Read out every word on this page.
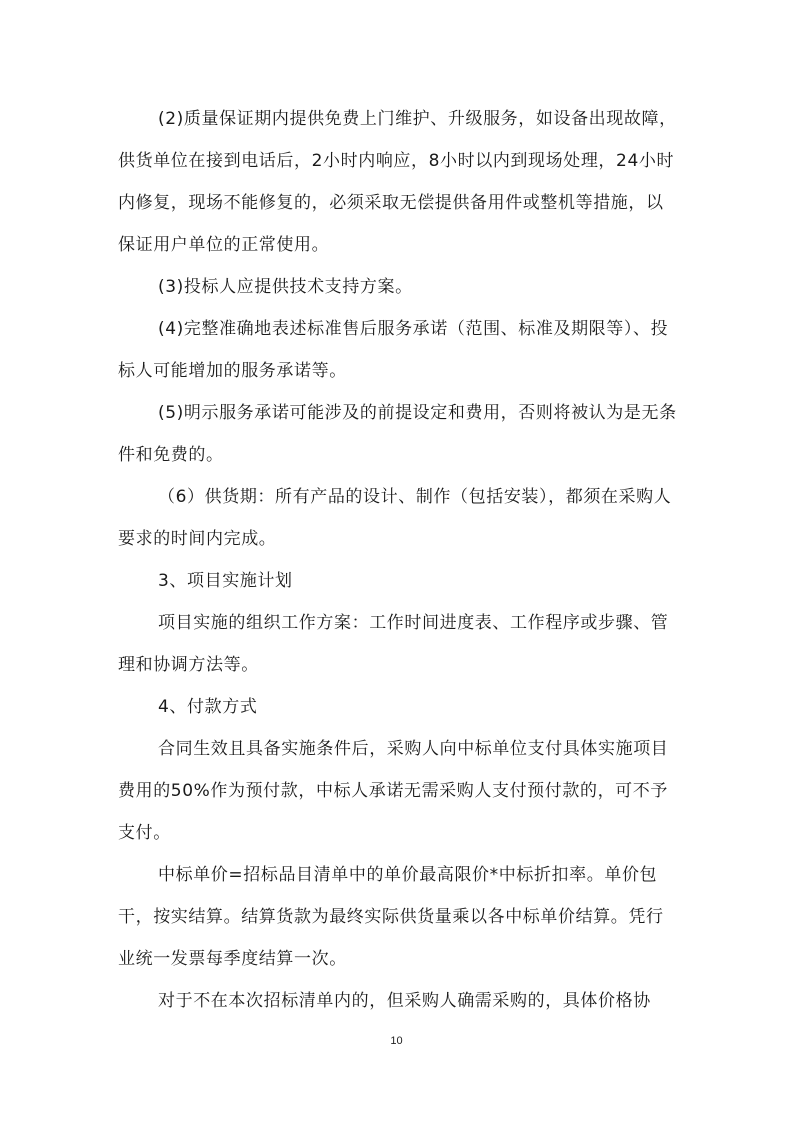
(2)质量保证期内提供免费上门维护、升级服务，如设备出现故障，供货单位在接到电话后，2小时内响应，8小时以内到现场处理，24小时内修复，现场不能修复的，必须采取无偿提供备用件或整机等措施，以保证用户单位的正常使用。

(3)投标人应提供技术支持方案。

(4)完整准确地表述标准售后服务承诺（范围、标准及期限等）、投标人可能增加的服务承诺等。

(5)明示服务承诺可能涉及的前提设定和费用，否则将被认为是无条件和免费的。

（6）供货期：所有产品的设计、制作（包括安装），都须在采购人要求的时间内完成。

3、项目实施计划

项目实施的组织工作方案：工作时间进度表、工作程序或步骤、管理和协调方法等。

4、付款方式

合同生效且具备实施条件后，采购人向中标单位支付具体实施项目费用的50%作为预付款，中标人承诺无需采购人支付预付款的，可不予支付。

中标单价=招标品目清单中的单价最高限价*中标折扣率。单价包干，按实结算。结算货款为最终实际供货量乘以各中标单价结算。凭行业统一发票每季度结算一次。

对于不在本次招标清单内的，但采购人确需采购的，具体价格协

10
